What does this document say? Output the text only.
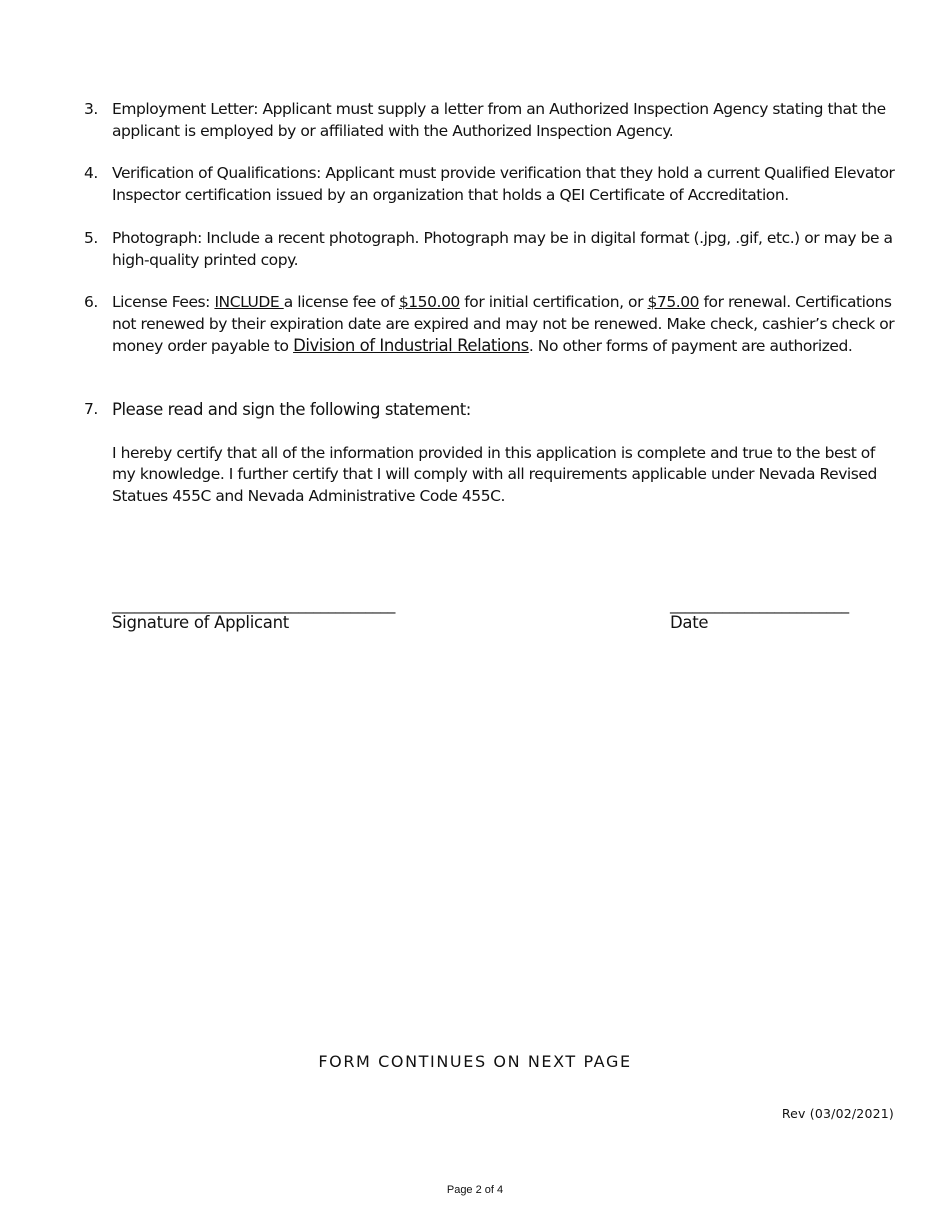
3. Employment Letter: Applicant must supply a letter from an Authorized Inspection Agency stating that the applicant is employed by or affiliated with the Authorized Inspection Agency.
4. Verification of Qualifications: Applicant must provide verification that they hold a current Qualified Elevator Inspector certification issued by an organization that holds a QEI Certificate of Accreditation.
5. Photograph: Include a recent photograph. Photograph may be in digital format (.jpg, .gif, etc.) or may be a high-quality printed copy.
6. License Fees: INCLUDE a license fee of $150.00 for initial certification, or $75.00 for renewal. Certifications not renewed by their expiration date are expired and may not be renewed. Make check, cashier’s check or money order payable to Division of Industrial Relations. No other forms of payment are authorized.
7. Please read and sign the following statement:
I hereby certify that all of the information provided in this application is complete and true to the best of my knowledge. I further certify that I will comply with all requirements applicable under Nevada Revised Statues 455C and Nevada Administrative Code 455C.
______________________________________
Signature of Applicant
________________________
Date
FORM CONTINUES ON NEXT PAGE
Rev (03/02/2021)
Page 2 of 4
